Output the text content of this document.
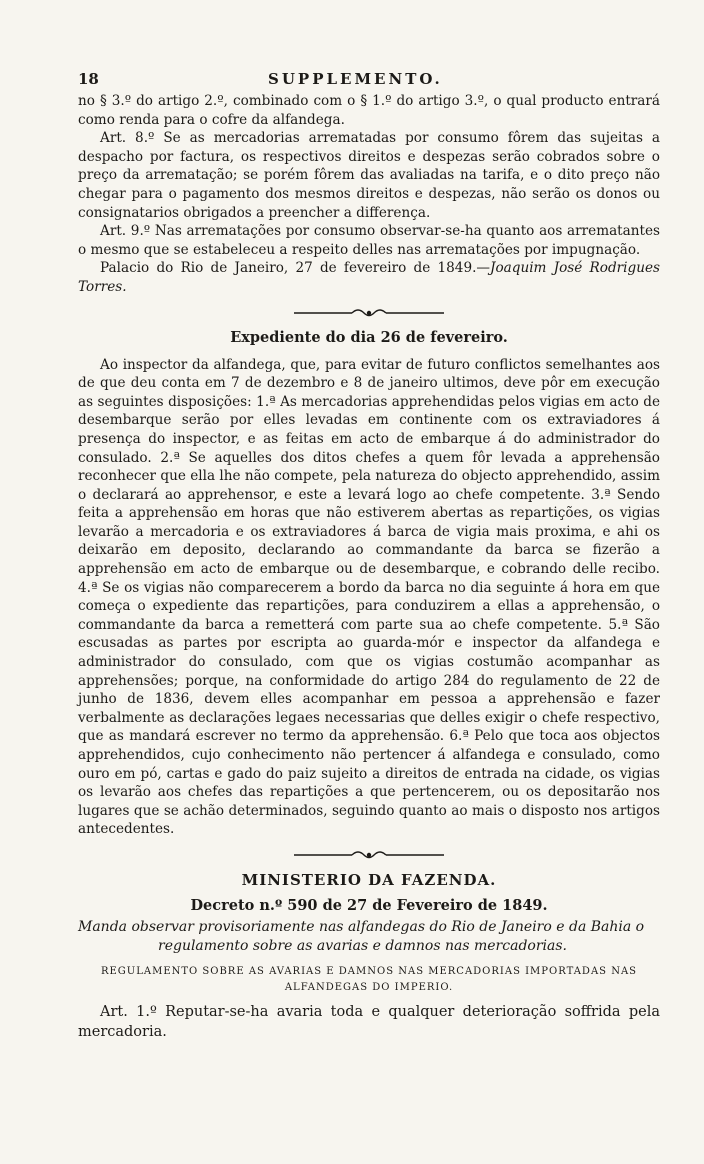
18	SUPPLEMENTO.

no § 3.º do artigo 2.º, combinado com o § 1.º do artigo 3.º, o qual producto entrará como renda para o cofre da alfandega.

Art. 8.º Se as mercadorias arrematadas por consumo fôrem das sujeitas a despacho por factura, os respectivos direitos e despezas serão cobrados sobre o preço da arrematação; se porém fôrem das avaliadas na tarifa, e o dito preço não chegar para o pagamento dos mesmos direitos e despezas, não serão os donos ou consignatarios obrigados a preencher a differença.

Art. 9.º Nas arrematações por consumo observar-se-ha quanto aos arrematantes o mesmo que se estabeleceu a respeito delles nas arrematações por impugnação.

Palacio do Rio de Janeiro, 27 de fevereiro de 1849.—Joaquim José Rodrigues Torres.

Expediente do dia 26 de fevereiro.

Ao inspector da alfandega, que, para evitar de futuro conflictos semelhantes aos de que deu conta em 7 de dezembro e 8 de janeiro ultimos, deve pôr em execução as seguintes disposições: 1.ª As mercadorias apprehendidas pelos vigias em acto de desembarque serão por elles levadas em continente com os extraviadores á presença do inspector, e as feitas em acto de embarque á do administrador do consulado. 2.ª Se aquelles dos ditos chefes a quem fôr levada a apprehensão reconhecer que ella lhe não compete, pela natureza do objecto apprehendido, assim o declarará ao apprehensor, e este a levará logo ao chefe competente. 3.ª Sendo feita a apprehensão em horas que não estiverem abertas as repartições, os vigias levarão a mercadoria e os extraviadores á barca de vigia mais proxima, e ahi os deixarão em deposito, declarando ao commandante da barca se fizerão a apprehensão em acto de embarque ou de desembarque, e cobrando delle recibo. 4.ª Se os vigias não comparecerem a bordo da barca no dia seguinte á hora em que começa o expediente das repartições, para conduzirem a ellas a apprehensão, o commandante da barca a remetterá com parte sua ao chefe competente. 5.ª São escusadas as partes por escripta ao guarda-mór e inspector da alfandega e administrador do consulado, com que os vigias costumão acompanhar as apprehensões; porque, na conformidade do artigo 284 do regulamento de 22 de junho de 1836, devem elles acompanhar em pessoa a apprehensão e fazer verbalmente as declarações legaes necessarias que delles exigir o chefe respectivo, que as mandará escrever no termo da apprehensão. 6.ª Pelo que toca aos objectos apprehendidos, cujo conhecimento não pertencer á alfandega e consulado, como ouro em pó, cartas e gado do paiz sujeito a direitos de entrada na cidade, os vigias os levarão aos chefes das repartições a que pertencerem, ou os depositarão nos lugares que se achão determinados, seguindo quanto ao mais o disposto nos artigos antecedentes.

MINISTERIO DA FAZENDA.
Decreto n.º 590 de 27 de Fevereiro de 1849.
Manda observar provisoriamente nas alfandegas do Rio de Janeiro e da Bahia o
regulamento sobre as avarias e damnos nas mercadorias.
REGULAMENTO SOBRE AS AVARIAS E DAMNOS NAS MERCADORIAS IMPORTADAS NAS
ALFANDEGAS DO IMPERIO.

Art. 1.º Reputar-se-ha avaria toda e qualquer deterioração soffrida pela mercadoria.
